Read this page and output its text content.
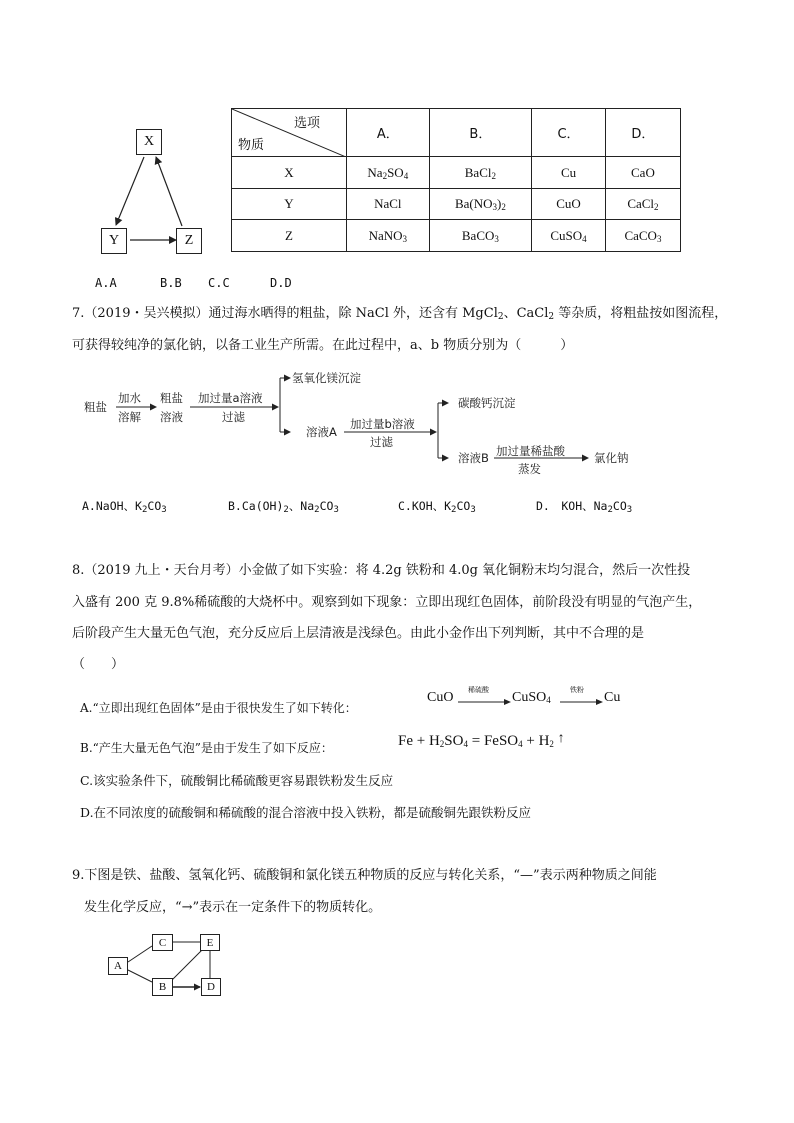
X
Y	Z
选项
物质	A．	B．	C．	D．
X	$Na_2SO_4$	BaCl$_2$	Cu	CaO
Y	NaCl	$Ba(NO_3)_2$	CuO	CaCl$_2$
Z	NaNO$_3$	BaCO$_3$	CuSO$_4$	CaCO$_3$
A.A	B.B C.C	D.D
7.（2019・吴兴模拟）通过海水晒得的粗盐，除 NaCl 外，还含有 MgCl$_2$、CaCl$_2$ 等杂质，将粗盐按如图流程，
可获得较纯净的氯化钠，以备工业生产所需。在此过程中，a、b 物质分别为（　　　）
粗盐
加水
溶解
粗盐
溶液
加过量a溶液
过滤
氢氧化镁沉淀
溶液A
加过量b溶液
过滤
碳酸钙沉淀
溶液B 加过量稀盐酸
蒸发
氯化钠
A.NaOH、$K_2CO_3$	$B.Ca(OH)_2$、$Na_2CO_3$	C.KOH、$K_2CO_3$	D.　KOH、$Na_2CO_3$
8.（2019 九上・天台月考）小金做了如下实验：将 4.2g 铁粉和 4.0g 氧化铜粉末均匀混合，然后一次性投
入盛有 200 克 9.8%稀硫酸的大烧杯中。观察到如下现象：立即出现红色固体，前阶段没有明显的气泡产生，
后阶段产生大量无色气泡，充分反应后上层清液是浅绿色。由此小金作出下列判断，其中不合理的是
（　　）
A.“立即出现红色固体”是由于很快发生了如下转化：
CuO →
稀硫酸 CuSO$_4$ →
铁粉 Cu
B.“产生大量无色气泡”是由于发生了如下反应：	$Fe + H_2SO_4$ = FeSO$_4$ + $H_2$ ↑
C.该实验条件下，硫酸铜比稀硫酸更容易跟铁粉发生反应
D.在不同浓度的硫酸铜和稀硫酸的混合溶液中投入铁粉，都是硫酸铜先跟铁粉反应
9.下图是铁、盐酸、氢氧化钙、硫酸铜和氯化镁五种物质的反应与转化关系，“—”表示两种物质之间能
发生化学反应，“→”表示在一定条件下的物质转化。
A
C	E
B	D
